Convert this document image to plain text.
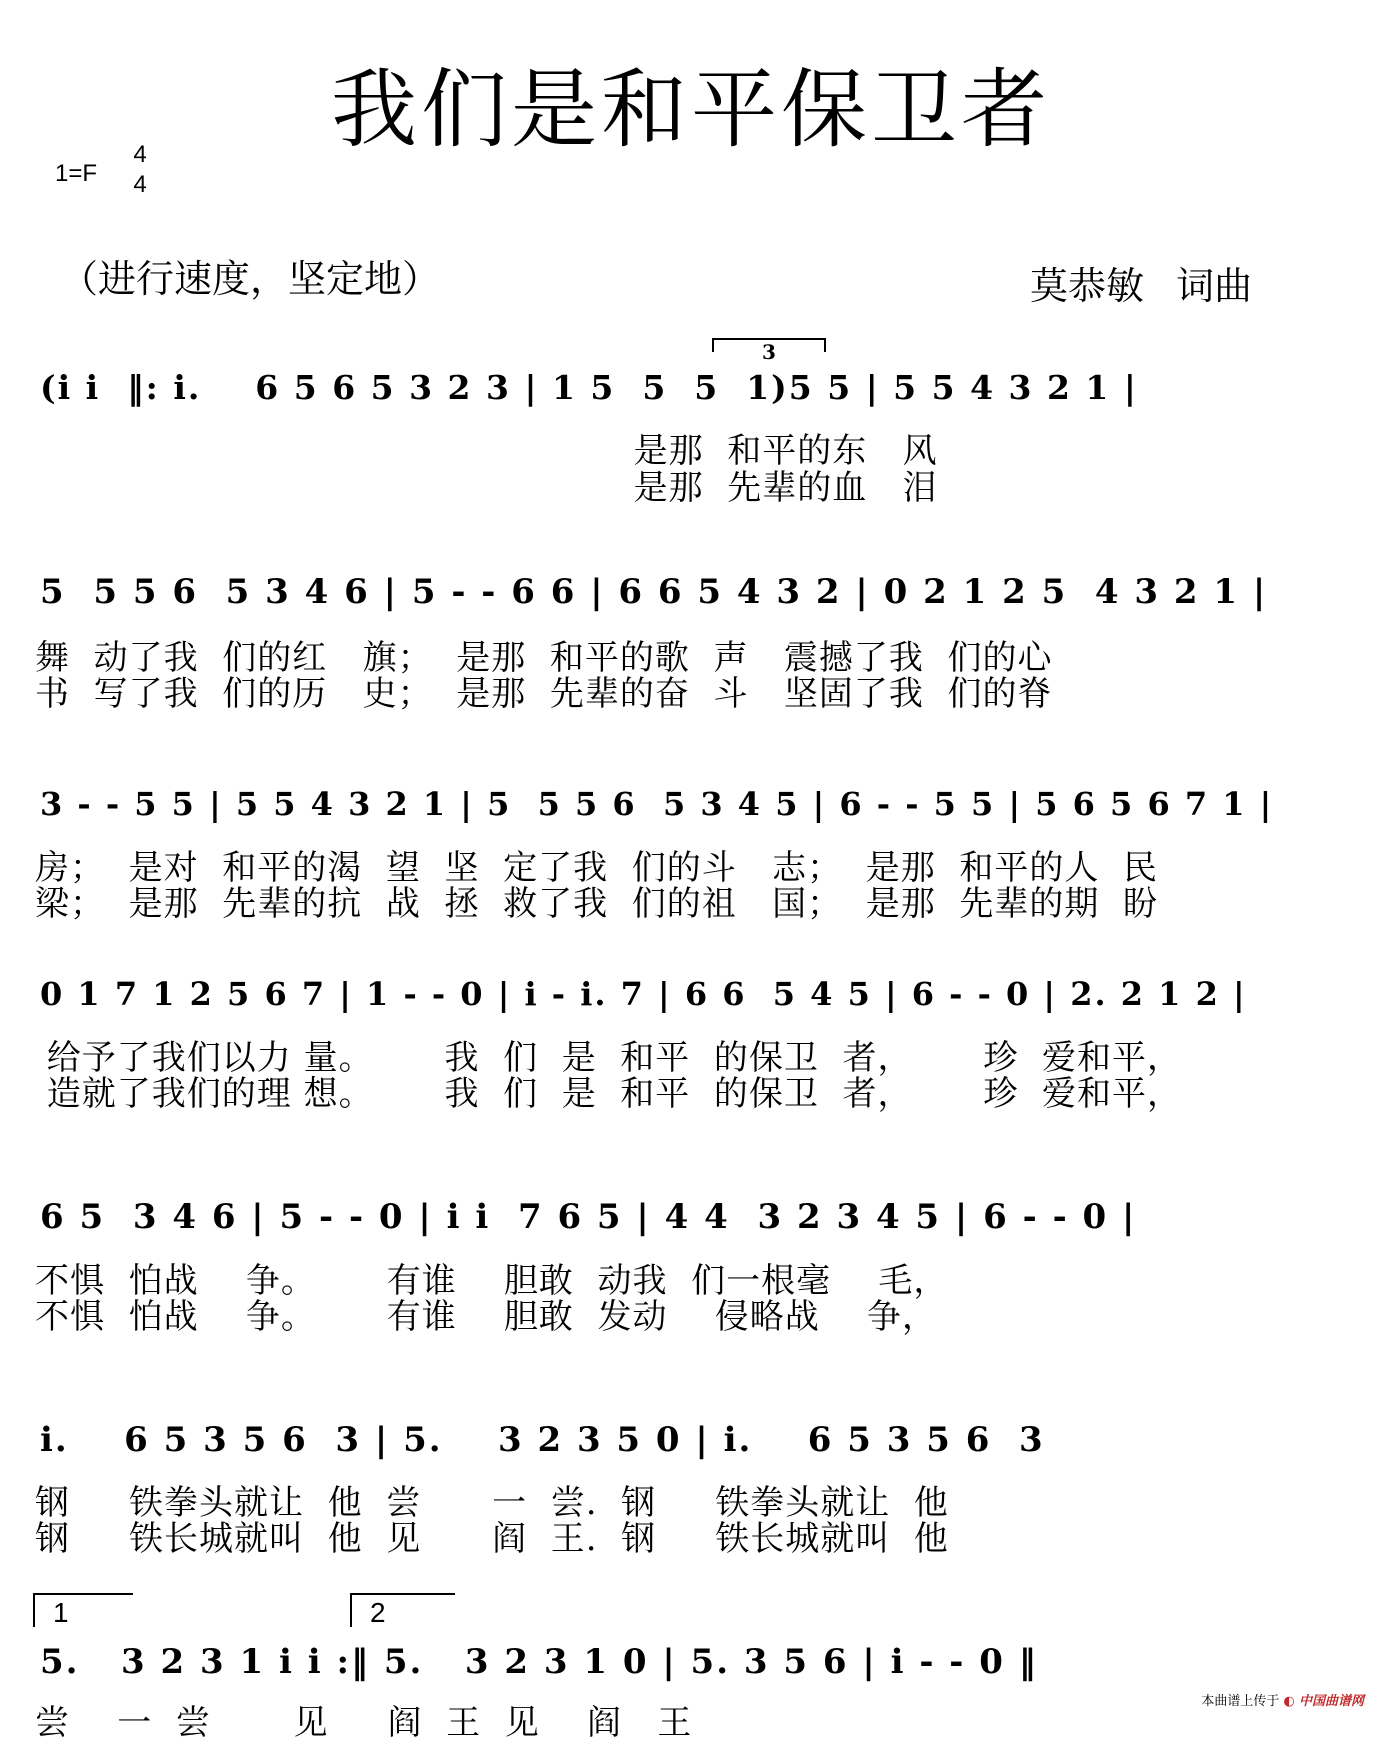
我们是和平保卫者
1=F
4
4
（进行速度，坚定地）	莫恭敏 词曲
3
(i i  ‖: i.    6 5 6 5 3 2 3 | 1 5  5  5  1)5 5 | 5 5 4 3 2 1 |
是那  和平的东   风
是那  先辈的血   泪
5  5 5 6  5 3 4 6 | 5 - - 6 6 | 6 6 5 4 3 2 | 0 2 1 2 5  4 3 2 1 |
舞  动了我  们的红   旗；  是那  和平的歌  声   震撼了我  们的心
书  写了我  们的历   史；  是那  先辈的奋  斗   坚固了我  们的脊
3 - - 5 5 | 5 5 4 3 2 1 | 5  5 5 6  5 3 4 5 | 6 - - 5 5 | 5 6 5 6 7 1 |
房；  是对  和平的渴  望  坚  定了我  们的斗   志；  是那  和平的人  民
梁；  是那  先辈的抗  战  拯  救了我  们的祖   国；  是那  先辈的期  盼
0 1 7 1 2 5 6 7 | 1 - - 0 | i - i. 7 | 6 6  5 4 5 | 6 - - 0 | 2. 2 1 2 |
给予了我们以力 量。      我  们  是  和平  的保卫  者，      珍  爱和平，
造就了我们的理 想。      我  们  是  和平  的保卫  者，      珍  爱和平，
6 5  3 4 6 | 5 - - 0 | i i  7 6 5 | 4 4  3 2 3 4 5 | 6 - - 0 |
不惧  怕战    争。      有谁    胆敢  动我  们一根毫    毛，
不惧  怕战    争。      有谁    胆敢  发动    侵略战    争，
i.    6 5 3 5 6  3 | 5.    3 2 3 5 0 | i.    6 5 3 5 6  3
钢     铁拳头就让  他  尝      一  尝.  钢     铁拳头就让  他
钢     铁长城就叫  他  见      阎  王.  钢     铁长城就叫  他
1	2
5.   3 2 3 1 i i :‖ 5.   3 2 3 1 0 | 5. 3 5 6 | i - - 0 ‖
尝    一  尝       见     阎  王  见    阎   王
本曲谱上传于 ◐ 中国曲谱网
